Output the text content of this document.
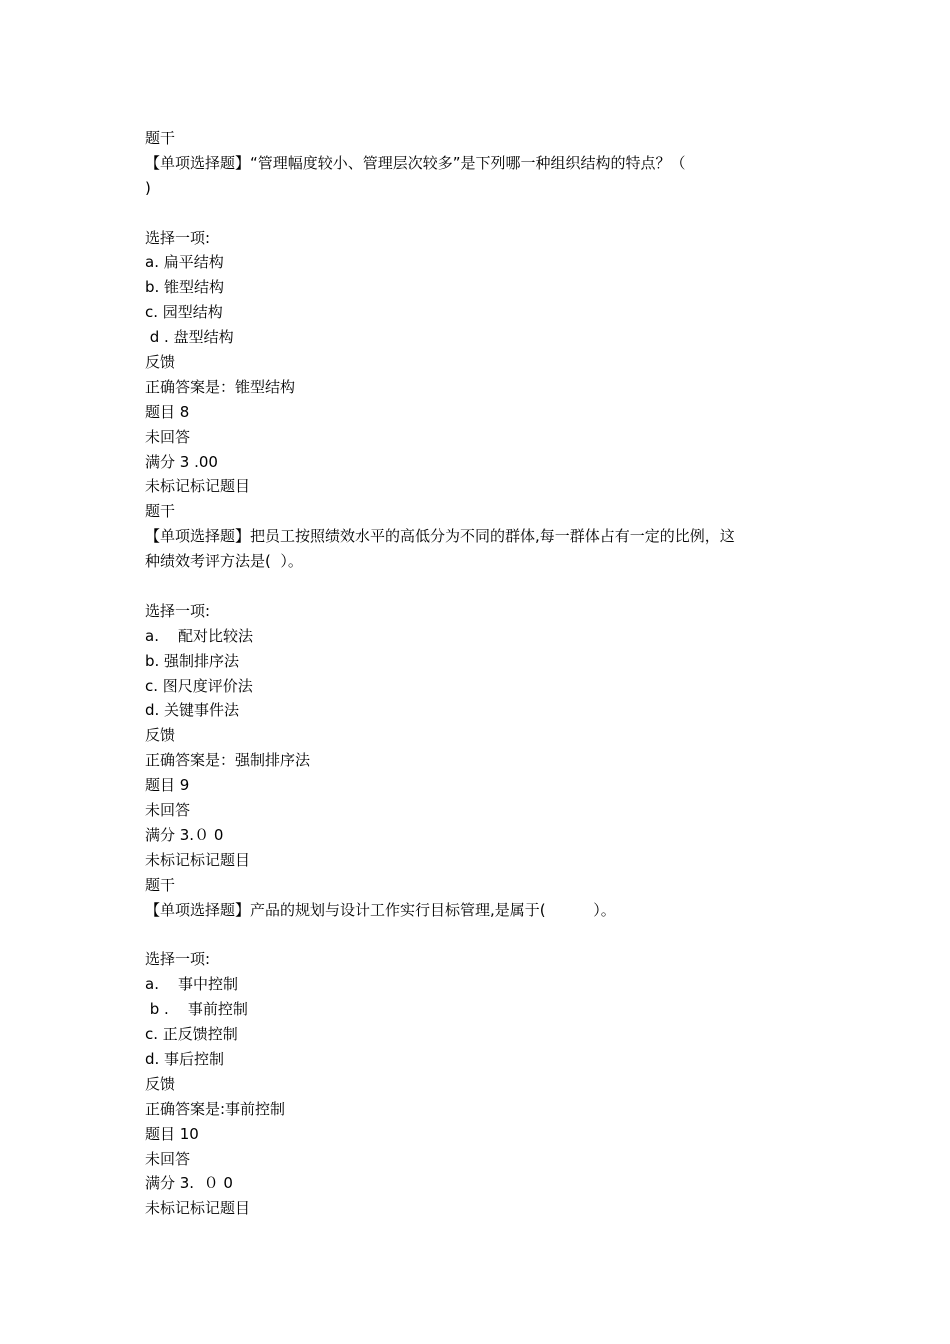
题干
【单项选择题】“管理幅度较小、管理层次较多”是下列哪一种组织结构的特点？（
)
选择一项:
a. 扁平结构
b. 锥型结构
c. 园型结构
d . 盘型结构
反馈
正确答案是：锥型结构
题目 8
未回答
满分 3 .00
未标记标记题目
题干
【单项选择题】把员工按照绩效水平的高低分为不同的群体,每一群体占有一定的比例，这
种绩效考评方法是(  ）。
选择一项:
a.    配对比较法
b. 强制排序法
c. 图尺度评价法
d. 关键事件法
反馈
正确答案是：强制排序法
题目 9
未回答
满分 3.０ 0
未标记标记题目
题干
【单项选择题】产品的规划与设计工作实行目标管理,是属于(          ）。
选择一项:
a.    事中控制
b .    事前控制
c. 正反馈控制
d. 事后控制
反馈
正确答案是:事前控制
题目 10
未回答
满分 3.  ０ 0
未标记标记题目
